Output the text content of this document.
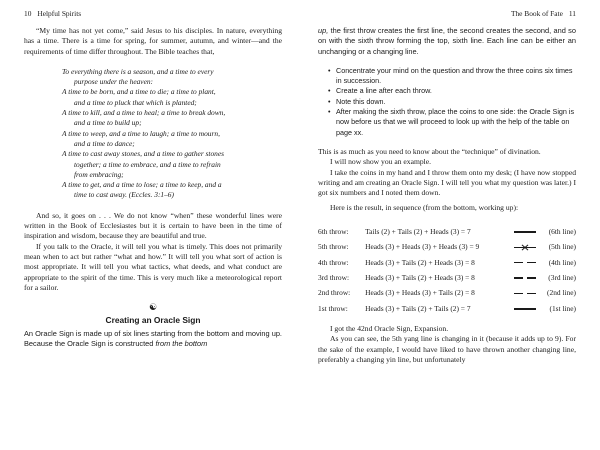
10 Helpful Spirits

“My time has not yet come,” said Jesus to his disciples. In nature, everything has a time. There is a time for spring, for summer, autumn, and winter—and the requirements of time differ throughout. The Bible teaches that,

To everything there is a season, and a time to every
purpose under the heaven:
A time to be born, and a time to die; a time to plant,
and a time to pluck that which is planted;
A time to kill, and a time to heal; a time to break down,
and a time to build up;
A time to weep, and a time to laugh; a time to mourn,
and a time to dance;
A time to cast away stones, and a time to gather stones
together; a time to embrace, and a time to refrain
from embracing;
A time to get, and a time to lose; a time to keep, and a
time to cast away. (Eccles. 3:1–6)

And so, it goes on . . . We do not know “when” these wonderful lines were written in the Book of Ecclesiastes but it is certain to have been in the time of inspiration and wisdom, because they are beautiful and true.

If you talk to the Oracle, it will tell you what is timely. This does not primarily mean when to act but rather “what and how.” It will tell you what sort of action is most appropriate. It will tell you what tactics, what deeds, and what conduct are appropriate to the spirit of the time. This is very much like a meteorological report for a sailor.

☯
Creating an Oracle Sign

An Oracle Sign is made up of six lines starting from the bottom and moving up. Because the Oracle Sign is constructed from the bottom

The Book of Fate 11

up, the first throw creates the first line, the second creates the second, and so on with the sixth throw forming the top, sixth line. Each line can be either an unchanging or a changing line.

• Concentrate your mind on the question and throw the three coins six times in succession.
• Create a line after each throw.
• Note this down.
• After making the sixth throw, place the coins to one side: the Oracle Sign is now before us that we will proceed to look up with the help of the table on page xx.

This is as much as you need to know about the “technique” of divination.

I will now show you an example.

I take the coins in my hand and I throw them onto my desk; (I have now stopped writing and am creating an Oracle Sign. I will tell you what my question was later.) I got six numbers and I noted them down.

Here is the result, in sequence (from the bottom, working up):

6th throw:	Tails (2) + Tails (2) + Heads (3) = 7		(6th line)
5th throw:	Heads (3) + Heads (3) + Heads (3) = 9		(5th line)
4th throw:	Heads (3) + Tails (2) + Heads (3) = 8		(4th line)
3rd throw:	Heads (3) + Tails (2) + Heads (3) = 8		(3rd line)
2nd throw:	Heads (3) + Heads (3) + Tails (2) = 8		(2nd line)
1st throw:	Heads (3) + Tails (2) + Tails (2) = 7		(1st line)

I got the 42nd Oracle Sign, Expansion.

As you can see, the 5th yang line is changing in it (because it adds up to 9). For the sake of the example, I would have liked to have thrown another changing line, preferably a changing yin line, but unfortunately
